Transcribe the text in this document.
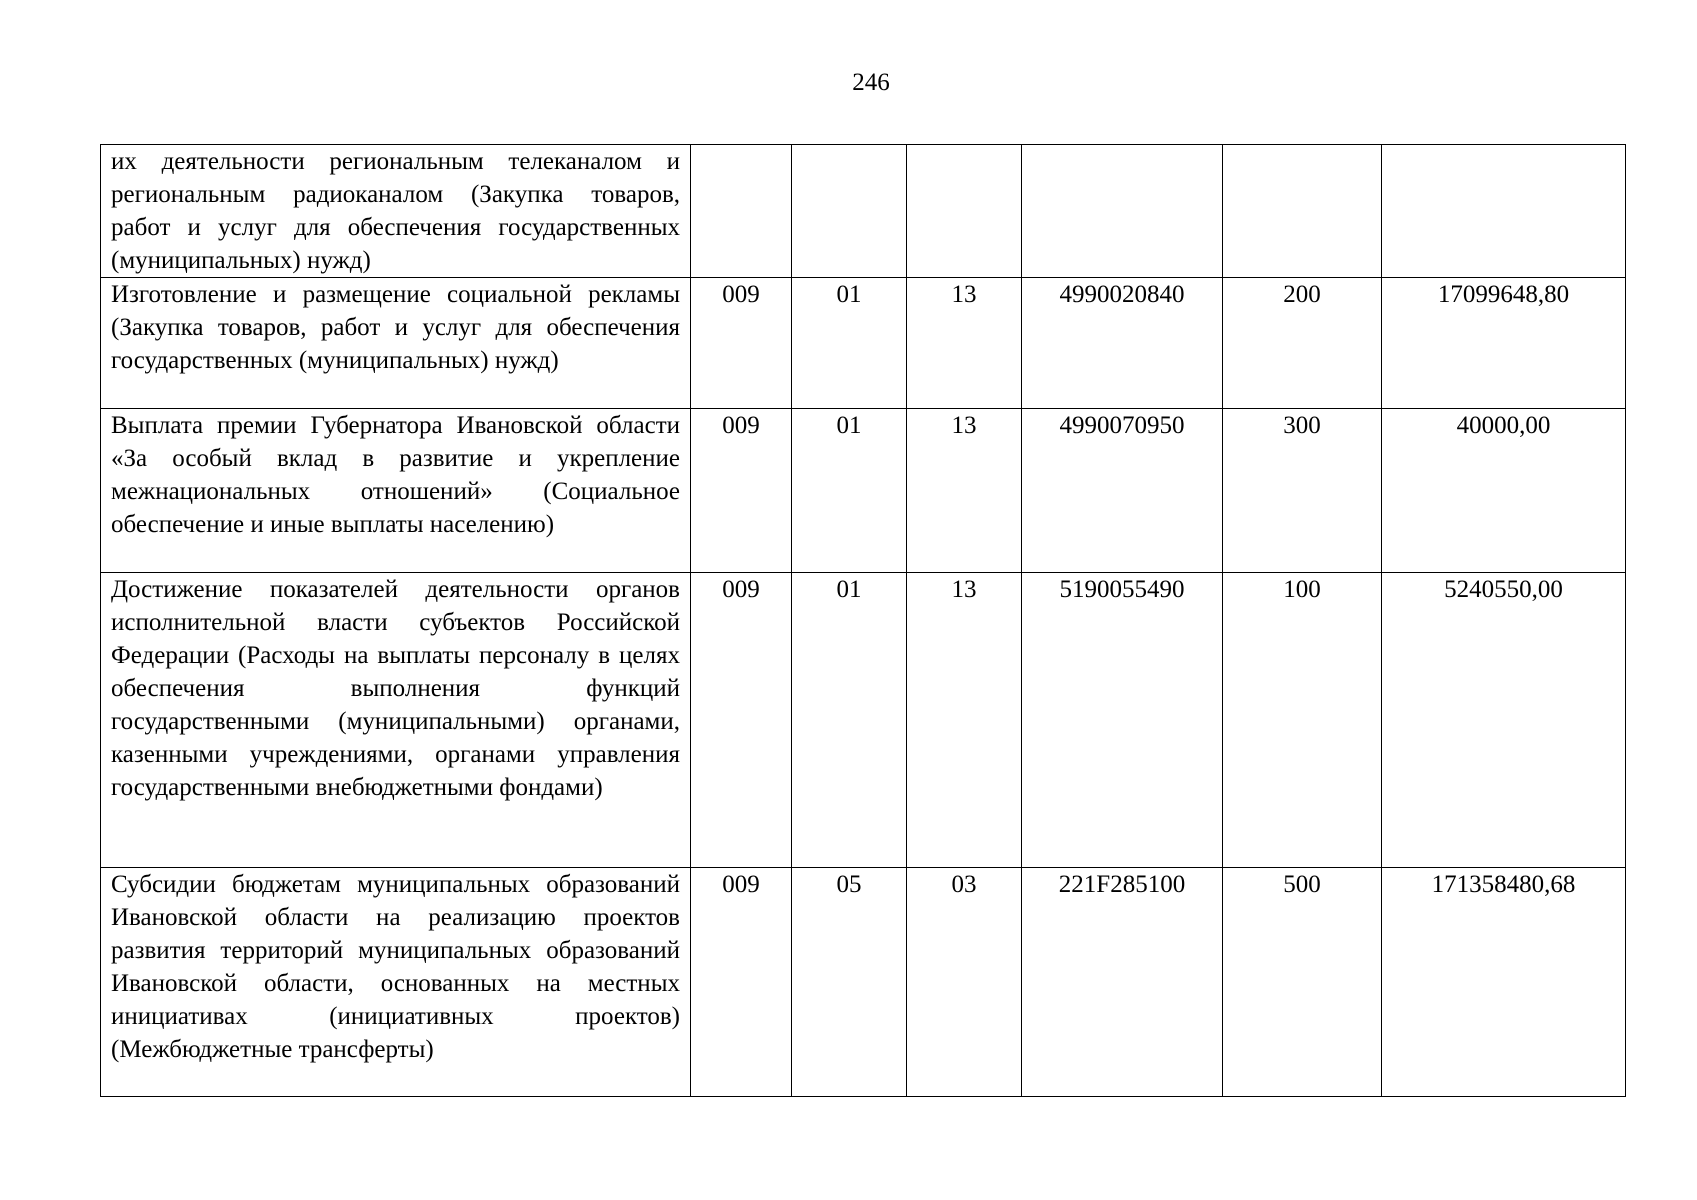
246
их деятельности региональным телеканалом и региональным радиоканалом (Закупка товаров, работ и услуг для обеспечения государственных (муниципальных) нужд)						
Изготовление и размещение социальной рекламы (Закупка товаров, работ и услуг для обеспечения государственных (муниципальных) нужд)	009	01	13	4990020840	200	17099648,80
Выплата премии Губернатора Ивановской области «За особый вклад в развитие и укрепление межнациональных отношений» (Социальное обеспечение и иные выплаты населению)	009	01	13	4990070950	300	40000,00
Достижение показателей деятельности органов исполнительной власти субъектов Российской Федерации (Расходы на выплаты персоналу в целях обеспечения выполнения функций государственными (муниципальными) органами, казенными учреждениями, органами управления государственными внебюджетными фондами)	009	01	13	5190055490	100	5240550,00
Субсидии бюджетам муниципальных образований Ивановской области на реализацию проектов развития территорий муниципальных образований Ивановской области, основанных на местных инициативах (инициативных проектов) (Межбюджетные трансферты)	009	05	03	221F285100	500	171358480,68
